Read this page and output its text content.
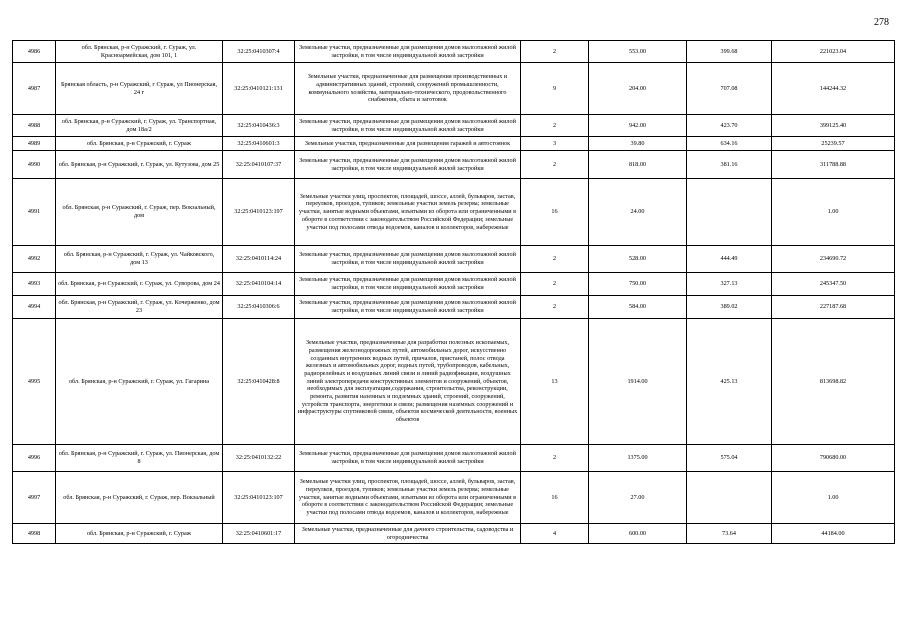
278
4986	обл. Брянская, р-н Суражский, г. Сураж, ул. Красноармейская, дом 101, 1	32:25:0410307:4	Земельные участки, предназначенные для размещения домов малоэтажной жилой застройки, в том числе индивидуальной жилой застройки	2	553.00	399.68	221023.04
4987	Брянская область, р-н Суражский, г Сураж, ул Пионерская, 24 г	32:25:0410121:131	Земельные участки, предназначенные для размещения производственных и административных зданий, строений, сооружений промышленности, коммунального хозяйства, материально-технического, продовольственного снабжения, сбыта и заготовок	9	204.00	707.08	144244.32
4988	обл. Брянская, р-н Суражский, г. Сураж, ул. Транспортная, дом 18а/2	32:25:0410436:3	Земельные участки, предназначенные для размещения домов малоэтажной жилой застройки, в том числе индивидуальной жилой застройки	2	942.00	423.70	399125.40
4989	обл. Брянская, р-н Суражский, г. Сураж	32:25:0410601:3	Земельные участки, предназначенные для размещения гаражей и автостоянок	3	39.80	634.16	25239.57
4990	обл. Брянская, р-н Суражский, г. Сураж, ул. Кутузова, дом 25	32:25:0410107:37	Земельные участки, предназначенные для размещения домов малоэтажной жилой застройки, в том числе индивидуальной жилой застройки	2	818.00	381.16	311788.88
4991	обл. Брянская, р-н Суражский, г. Сураж, пер. Вокзальный, дом	32:25:0410123:197	Земельные участки улиц, проспектов, площадей, шоссе, аллей, бульваров, застав, переулков, проездов, тупиков; земельные участки земель резерва; земельные участки, занятые водными объектами, изъятыми из оборота или ограниченными в обороте в соответствии с законодательством Российской Федерации; земельные участки под полосами отвода водоемов, каналов и коллекторов, набережные	16	24.00		1.00
4992	обл. Брянская, р-н Суражский, г. Сураж, ул. Чайковского, дом 13	32:25:0410114:24	Земельные участки, предназначенные для размещения домов малоэтажной жилой застройки, в том числе индивидуальной жилой застройки	2	528.00	444.49	234690.72
4993	обл. Брянская, р-н Суражский, г. Сураж, ул. Суворова, дом 24	32:25:0410104:14	Земельные участки, предназначенные для размещения домов малоэтажной жилой застройки, в том числе индивидуальной жилой застройки	2	750.00	327.13	245347.50
4994	обл. Брянская, р-н Суражский, г. Сураж, ул. Кочерженко, дом 23	32:25:0410306:6	Земельные участки, предназначенные для размещения домов малоэтажной жилой застройки, в том числе индивидуальной жилой застройки	2	584.00	389.02	227187.68
4995	обл. Брянская, р-н Суражский, г. Сураж, ул. Гагарина	32:25:0410428:8	Земельные участки, предназначенные для разработки полезных ископаемых, размещения железнодорожных путей, автомобильных дорог, искусственно созданных внутренних водных путей, причалов, пристаней, полос отвода железных и автомобильных дорог, водных путей, трубопроводов, кабельных, радиорелейных и воздушных линий связи и линий радиофикации, воздушных линий электропередачи конструктивных элементов и сооружений, объектов, необходимых для эксплуатации,содержания, строительства, реконструкции, ремонта, развития наземных и подземных зданий, строений, сооружений, устройств транспорта, энергетики и связи; размещения наземных сооружений и инфраструктуры спутниковой связи, объектов космической деятельности, военных объектов	13	1914.00	425.13	813698.82
4996	обл. Брянская, р-н Суражский, г. Сураж, ул. Пионерская, дом 8	32:25:0410132:22	Земельные участки, предназначенные для размещения домов малоэтажной жилой застройки, в том числе индивидуальной жилой застройки	2	1375.00	575.04	790680.00
4997	обл. Брянская, р-н Суражский, г. Сураж, пер. Вокзальный	32:25:0410123:107	Земельные участки улиц, проспектов, площадей, шоссе, аллей, бульваров, застав, переулков, проездов, тупиков; земельные участки земель резерва; земельные участки, занятые водными объектами, изъятыми из оборота или ограниченными в обороте в соответствии с законодательством Российской Федерации; земельные участки под полосами отвода водоемов, каналов и коллекторов, набережные	16	27.00		1.00
4998	обл. Брянская, р-н Суражский, г. Сураж	32:25:0410601:17	Земельные участки, предназначенные для дачного строительства, садоводства и огородничества	4	600.00	73.64	44184.00
